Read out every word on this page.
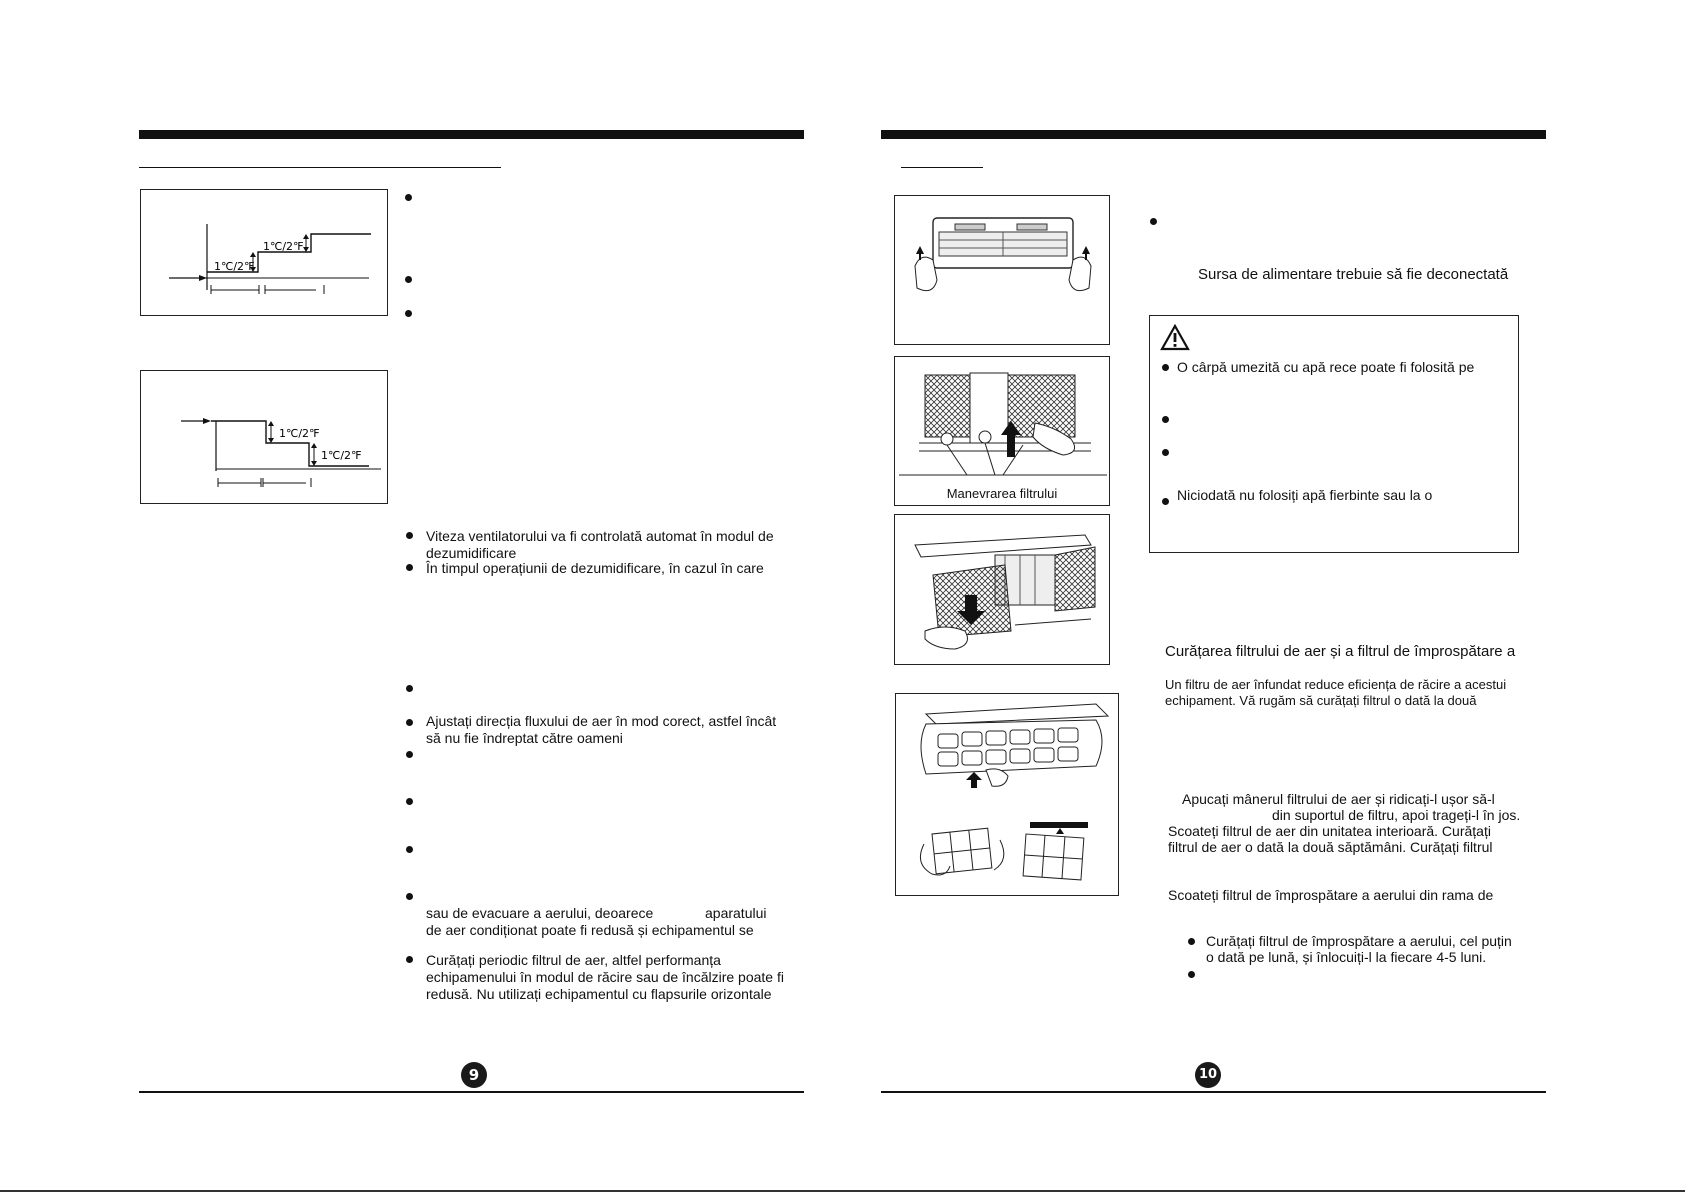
1℃/2℉
1℃/2℉
1℃/2℉
1℃/2℉
Viteza ventilatorului va fi controlată automat în modul de
dezumidificare
În timpul operațiunii de dezumidificare, în cazul în care
Ajustați direcția fluxului de aer în mod corect, astfel încât
să nu fie îndreptat către oameni
sau de evacuare a aerului, deoarece	aparatului
de aer condiționat poate fi redusă și echipamentul se
Curățați periodic filtrul de aer, altfel performanța
echipamenului în modul de răcire sau de încălzire poate fi
redusă. Nu utilizați echipamentul cu flapsurile orizontale
9
Manevrarea filtrului
Sursa de alimentare trebuie să fie deconectată
O cârpă umezită cu apă rece poate fi folosită pe
Niciodată nu folosiți apă fierbinte sau la o
Curățarea filtrului de aer și a filtrul de împrospătare a
Un filtru de aer înfundat reduce eficiența de răcire a acestui
echipament. Vă rugăm să curățați filtrul o dată la două
Apucați mânerul filtrului de aer și ridicați-l ușor să-l
din suportul de filtru, apoi trageți-l în jos.
Scoateți filtrul de aer din unitatea interioară. Curățați
filtrul de aer o dată la două săptămâni. Curățați filtrul
Scoateți filtrul de împrospătare a aerului din rama de
Curățați filtrul de împrospătare a aerului, cel puțin
o dată pe lună, și înlocuiți-l la fiecare 4-5 luni.
10
